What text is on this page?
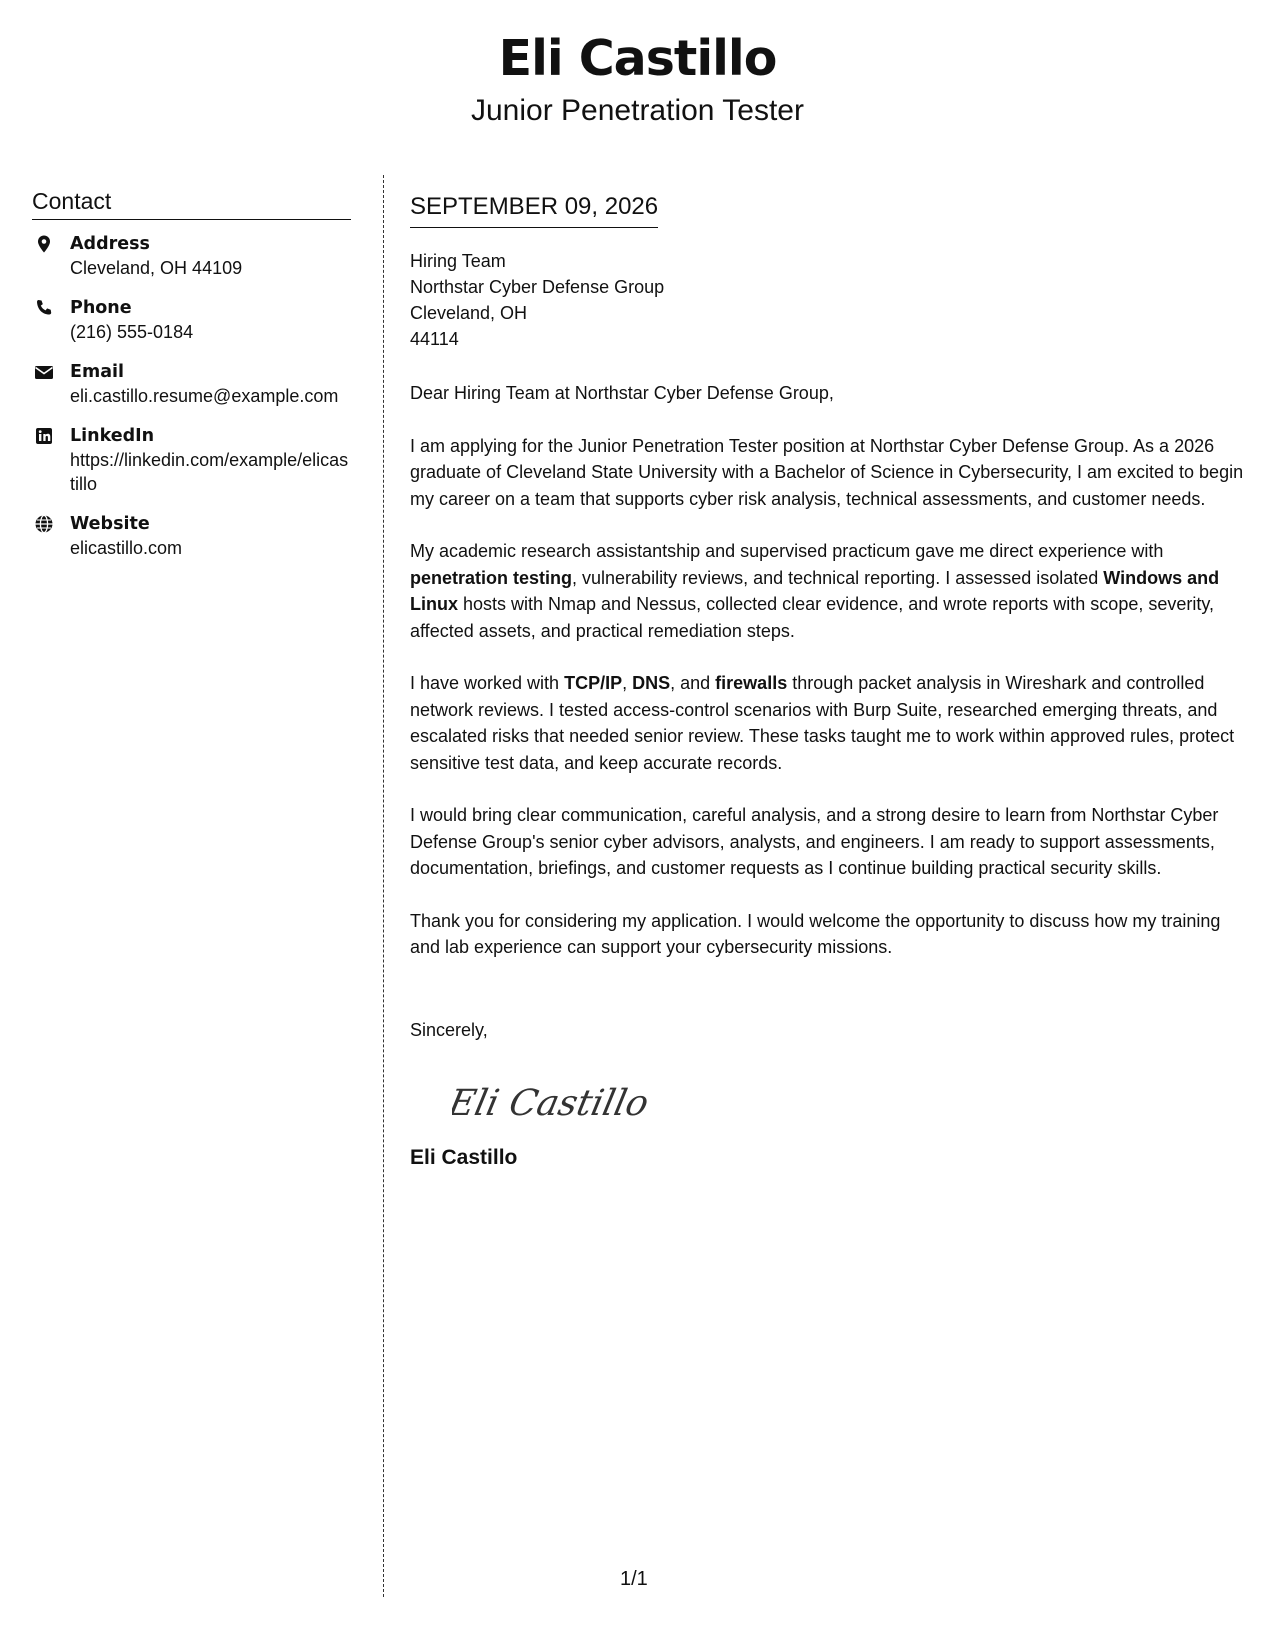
Eli Castillo
Junior Penetration Tester
Contact
Address
Cleveland, OH 44109
Phone
(216) 555-0184
Email
eli.castillo.resume@example.com
LinkedIn
https://linkedin.com/example/elicastillo
Website
elicastillo.com
SEPTEMBER 09, 2026
Hiring Team
Northstar Cyber Defense Group
Cleveland, OH
44114
Dear Hiring Team at Northstar Cyber Defense Group,
I am applying for the Junior Penetration Tester position at Northstar Cyber Defense Group. As a 2026 graduate of Cleveland State University with a Bachelor of Science in Cybersecurity, I am excited to begin my career on a team that supports cyber risk analysis, technical assessments, and customer needs.
My academic research assistantship and supervised practicum gave me direct experience with penetration testing, vulnerability reviews, and technical reporting. I assessed isolated Windows and Linux hosts with Nmap and Nessus, collected clear evidence, and wrote reports with scope, severity, affected assets, and practical remediation steps.
I have worked with TCP/IP, DNS, and firewalls through packet analysis in Wireshark and controlled network reviews. I tested access-control scenarios with Burp Suite, researched emerging threats, and escalated risks that needed senior review. These tasks taught me to work within approved rules, protect sensitive test data, and keep accurate records.
I would bring clear communication, careful analysis, and a strong desire to learn from Northstar Cyber Defense Group's senior cyber advisors, analysts, and engineers. I am ready to support assessments, documentation, briefings, and customer requests as I continue building practical security skills.
Thank you for considering my application. I would welcome the opportunity to discuss how my training and lab experience can support your cybersecurity missions.
Sincerely,
Eli Castillo
Eli Castillo
1/1
